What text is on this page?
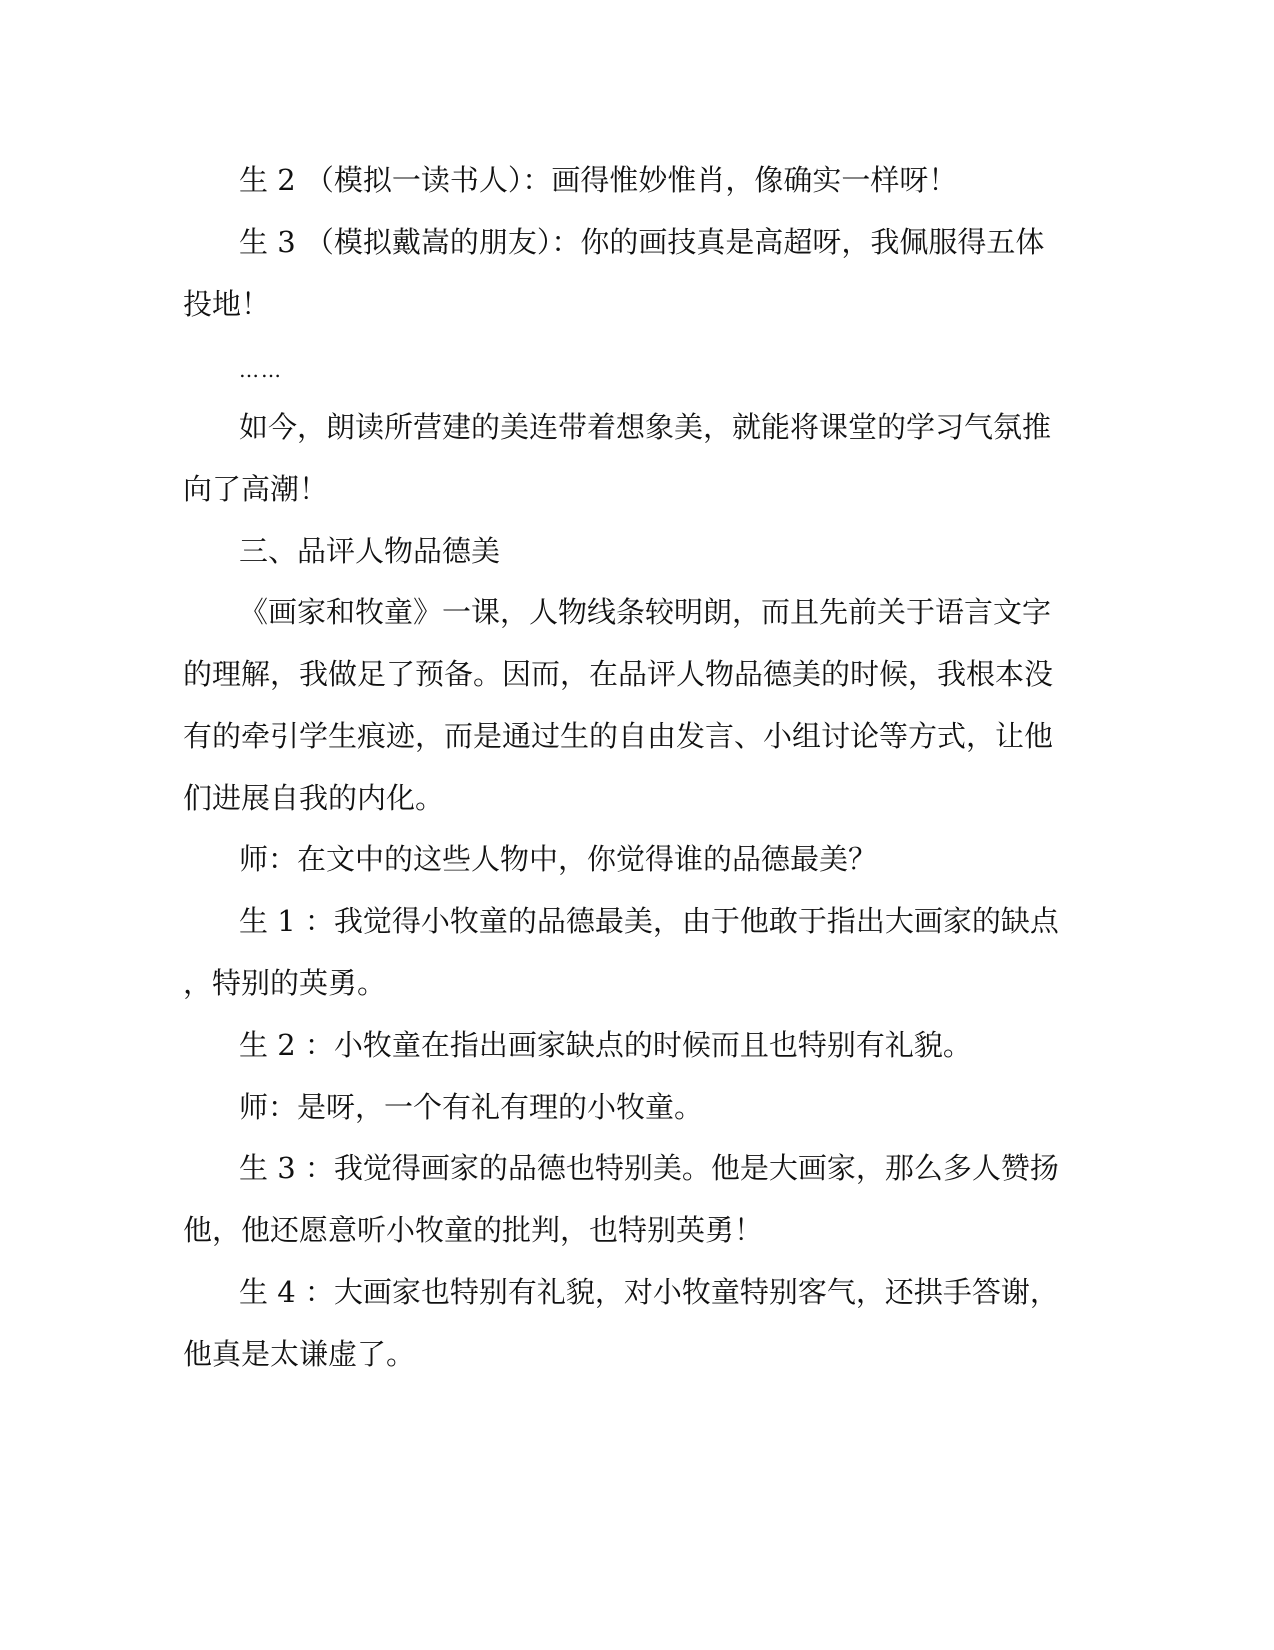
生 2 （模拟一读书人）：画得惟妙惟肖，像确实一样呀！
生 3 （模拟戴嵩的朋友）：你的画技真是高超呀，我佩服得五体
投地！
……
如今，朗读所营建的美连带着想象美，就能将课堂的学习气氛推
向了高潮！
三、品评人物品德美
《画家和牧童》一课，人物线条较明朗，而且先前关于语言文字
的理解，我做足了预备。因而，在品评人物品德美的时候，我根本没
有的牵引学生痕迹，而是通过生的自由发言、小组讨论等方式，让他
们进展自我的内化。
师：在文中的这些人物中，你觉得谁的品德最美？
生 1 ：我觉得小牧童的品德最美，由于他敢于指出大画家的缺点
，特别的英勇。
生 2 ：小牧童在指出画家缺点的时候而且也特别有礼貌。
师：是呀，一个有礼有理的小牧童。
生 3 ：我觉得画家的品德也特别美。他是大画家，那么多人赞扬
他，他还愿意听小牧童的批判，也特别英勇！
生 4 ：大画家也特别有礼貌，对小牧童特别客气，还拱手答谢，
他真是太谦虚了。
